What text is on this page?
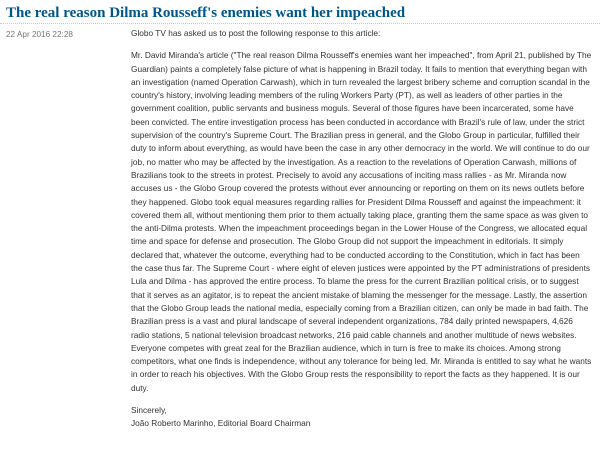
The real reason Dilma Rousseff's enemies want her impeached
22 Apr 2016 22:28	Globo TV has asked us to post the following response to this article:

Mr. David Miranda's article ("The real reason Dilma Rousseff's enemies want her impeached", from April 21, published by The Guardian) paints a completely false picture of what is happening in Brazil today. It fails to mention that everything began with an investigation (named Operation Carwash), which in turn revealed the largest bribery scheme and corruption scandal in the country's history, involving leading members of the ruling Workers Party (PT), as well as leaders of other parties in the government coalition, public servants and business moguls. Several of those figures have been incarcerated, some have been convicted. The entire investigation process has been conducted in accordance with Brazil's rule of law, under the strict supervision of the country's Supreme Court. The Brazilian press in general, and the Globo Group in particular, fulfilled their duty to inform about everything, as would have been the case in any other democracy in the world. We will continue to do our job, no matter who may be affected by the investigation. As a reaction to the revelations of Operation Carwash, millions of Brazilians took to the streets in protest. Precisely to avoid any accusations of inciting mass rallies - as Mr. Miranda now accuses us - the Globo Group covered the protests without ever announcing or reporting on them on its news outlets before they happened. Globo took equal measures regarding rallies for President Dilma Rousseff and against the impeachment: it covered them all, without mentioning them prior to them actually taking place, granting them the same space as was given to the anti-Dilma protests. When the impeachment proceedings began in the Lower House of the Congress, we allocated equal time and space for defense and prosecution. The Globo Group did not support the impeachment in editorials. It simply declared that, whatever the outcome, everything had to be conducted according to the Constitution, which in fact has been the case thus far. The Supreme Court - where eight of eleven justices were appointed by the PT administrations of presidents Lula and Dilma - has approved the entire process. To blame the press for the current Brazilian political crisis, or to suggest that it serves as an agitator, is to repeat the ancient mistake of blaming the messenger for the message. Lastly, the assertion that the Globo Group leads the national media, especially coming from a Brazilian citizen, can only be made in bad faith. The Brazilian press is a vast and plural landscape of several independent organizations, 784 daily printed newspapers, 4,626 radio stations, 5 national television broadcast networks, 216 paid cable channels and another multitude of news websites. Everyone competes with great zeal for the Brazilian audience, which in turn is free to make its choices. Among strong competitors, what one finds is independence, without any tolerance for being led. Mr. Miranda is entitled to say what he wants in order to reach his objectives. With the Globo Group rests the responsibility to report the facts as they happened. It is our duty.

Sincerely,

João Roberto Marinho, Editorial Board Chairman
